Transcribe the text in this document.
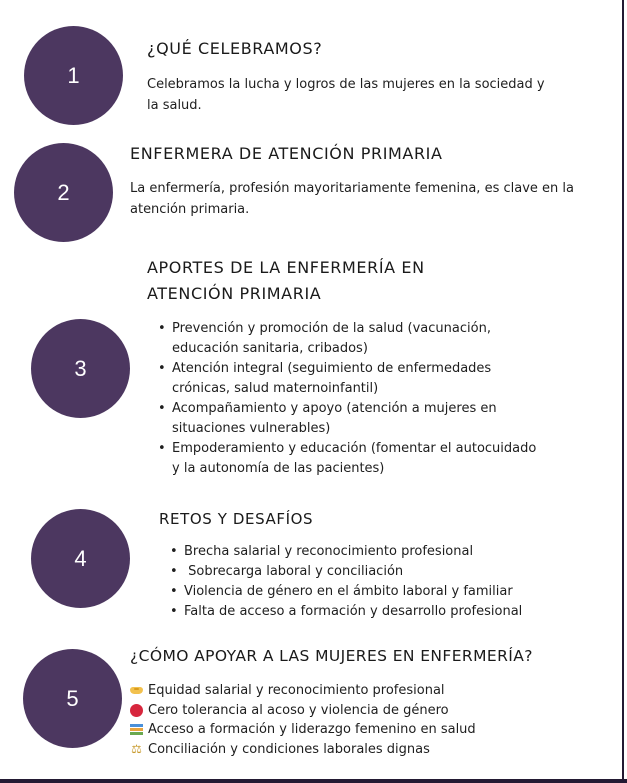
1
¿QUÉ CELEBRAMOS?
Celebramos la lucha y logros de las mujeres en la sociedad y
la salud.
2
ENFERMERA DE ATENCIÓN PRIMARIA
La enfermería, profesión mayoritariamente femenina, es clave en la
atención primaria.
3
APORTES DE LA ENFERMERÍA EN
ATENCIÓN PRIMARIA
• Prevención y promoción de la salud (vacunación,
educación sanitaria, cribados)
• Atención integral (seguimiento de enfermedades
crónicas, salud maternoinfantil)
• Acompañamiento y apoyo (atención a mujeres en
situaciones vulnerables)
• Empoderamiento y educación (fomentar el autocuidado
y la autonomía de las pacientes)
4
RETOS Y DESAFÍOS
• Brecha salarial y reconocimiento profesional
•  Sobrecarga laboral y conciliación
• Violencia de género en el ámbito laboral y familiar
• Falta de acceso a formación y desarrollo profesional
5
¿CÓMO APOYAR A LAS MUJERES EN ENFERMERÍA?
Equidad salarial y reconocimiento profesional
Cero tolerancia al acoso y violencia de género
Acceso a formación y liderazgo femenino en salud
⚖ Conciliación y condiciones laborales dignas
